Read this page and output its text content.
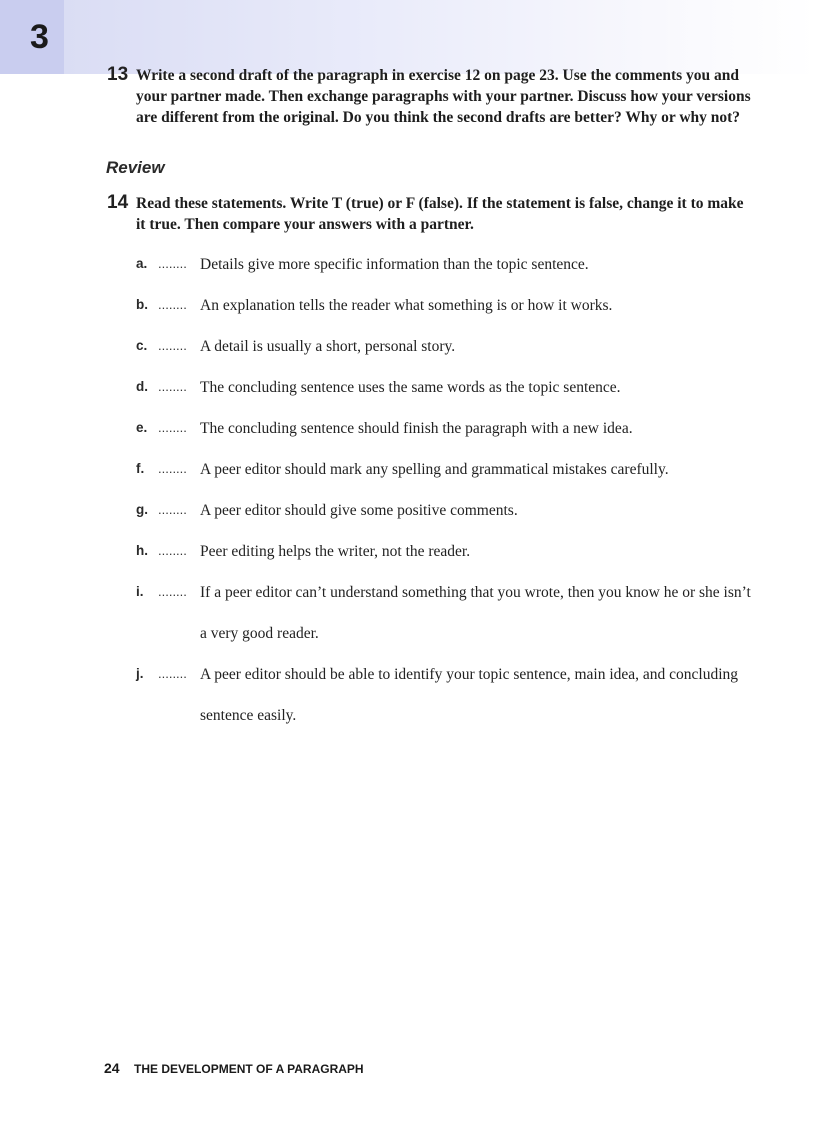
3
13 Write a second draft of the paragraph in exercise 12 on page 23. Use the comments you and your partner made. Then exchange paragraphs with your partner. Discuss how your versions are different from the original. Do you think the second drafts are better? Why or why not?

Review
14 Read these statements. Write T (true) or F (false). If the statement is false, change it to make it true. Then compare your answers with a partner.

a. ........ Details give more specific information than the topic sentence.

b. ........ An explanation tells the reader what something is or how it works.

c. ........ A detail is usually a short, personal story.

d. ........ The concluding sentence uses the same words as the topic sentence.

e. ........ The concluding sentence should finish the paragraph with a new idea.

f. ........ A peer editor should mark any spelling and grammatical mistakes carefully.

g. ........ A peer editor should give some positive comments.

h. ........ Peer editing helps the writer, not the reader.

i. ........ If a peer editor can’t understand something that you wrote, then you know he or she isn’t a very good reader.

j. ........ A peer editor should be able to identify your topic sentence, main idea, and concluding sentence easily.

24 THE DEVELOPMENT OF A PARAGRAPH
